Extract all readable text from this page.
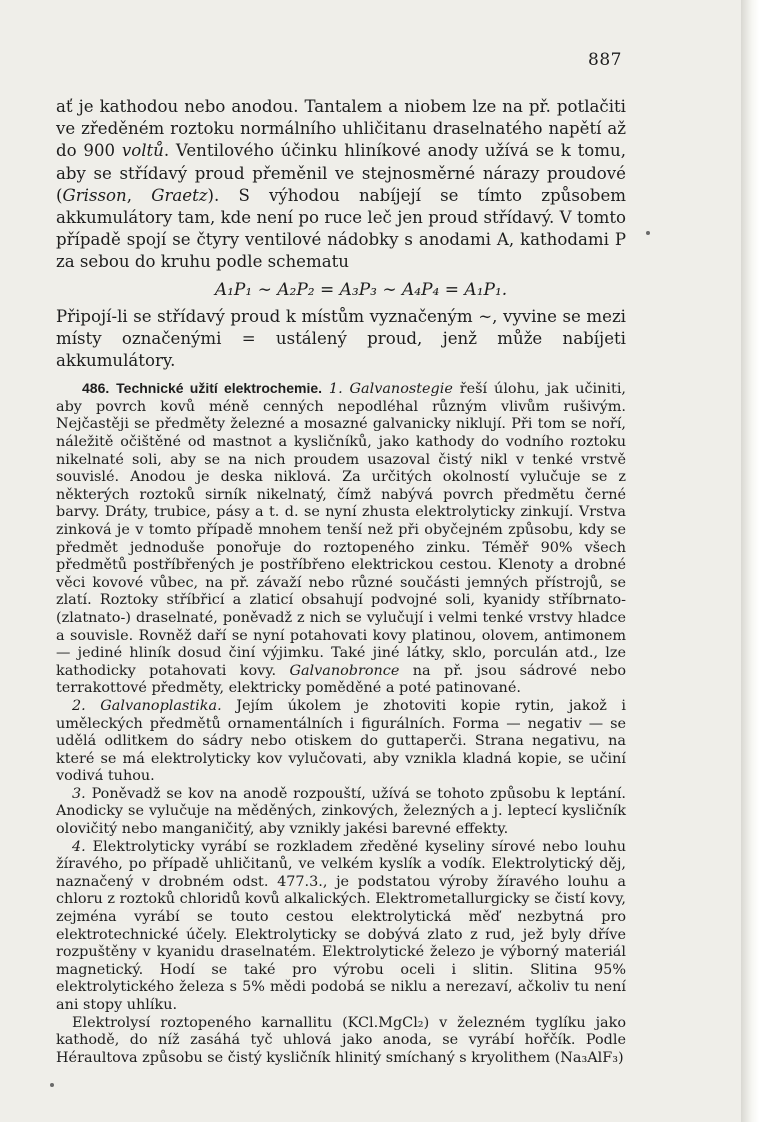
887

ať je kathodou nebo anodou. Tantalem a niobem lze na př. potlačiti ve zředěném roztoku normálního uhličitanu draselnatého napětí až do 900 voltů. Ventilového účinku hliníkové anody užívá se k tomu, aby se střídavý proud přeměnil ve stejnosměrné nárazy proudové (Grisson, Graetz). S výhodou nabíjejí se tímto způsobem akkumulátory tam, kde není po ruce leč jen proud střídavý. V tomto případě spojí se čtyry ventilové nádobky s anodami A, kathodami P za sebou do kruhu podle schematu

A₁P₁ ∼ A₂P₂ = A₃P₃ ∼ A₄P₄ = A₁P₁.

Připojí-li se střídavý proud k místům vyznačeným ∼, vyvine se mezi místy označenými = ustálený proud, jenž může nabíjeti akkumulátory.

486. Technické užití elektrochemie. 1. Galvanostegie řeší úlohu, jak učiniti, aby povrch kovů méně cenných nepodléhal různým vlivům rušivým. Nejčastěji se předměty železné a mosazné galvanicky niklují. Při tom se noří, náležitě očištěné od mastnot a kysličníků, jako kathody do vodního roztoku nikelnaté soli, aby se na nich proudem usazoval čistý nikl v tenké vrstvě souvislé. Anodou je deska niklová. Za určitých okolností vylučuje se z některých roztoků sirník nikelnatý, čímž nabývá povrch předmětu černé barvy. Dráty, trubice, pásy a t. d. se nyní zhusta elektrolyticky zinkují. Vrstva zinková je v tomto případě mnohem tenší než při obyčejném způsobu, kdy se předmět jednoduše ponořuje do roztopeného zinku. Téměř 90% všech předmětů postříbřených je postříbřeno elektrickou cestou. Klenoty a drobné věci kovové vůbec, na př. závaží nebo různé součásti jemných přístrojů, se zlatí. Roztoky stříbřicí a zlaticí obsahují podvojné soli, kyanidy stříbrnato- (zlatnato-) draselnaté, poněvadž z nich se vylučují i velmi tenké vrstvy hladce a souvisle. Rovněž daří se nyní potahovati kovy platinou, olovem, antimonem — jediné hliník dosud činí výjimku. Také jiné látky, sklo, porculán atd., lze kathodicky potahovati kovy. Galvanobronce na př. jsou sádrové nebo terrakottové předměty, elektricky poměděné a poté patinované.

2. Galvanoplastika. Jejím úkolem je zhotoviti kopie rytin, jakož i uměleckých předmětů ornamentálních i figurálních. Forma — negativ — se udělá odlitkem do sádry nebo otiskem do guttaperči. Strana negativu, na které se má elektrolyticky kov vylučovati, aby vznikla kladná kopie, se učiní vodivá tuhou.

3. Poněvadž se kov na anodě rozpouští, užívá se tohoto způsobu k leptání. Anodicky se vylučuje na měděných, zinkových, železných a j. leptecí kysličník olovičitý nebo manganičitý, aby vznikly jakési barevné effekty.

4. Elektrolyticky vyrábí se rozkladem zředěné kyseliny sírové nebo louhu žíravého, po případě uhličitanů, ve velkém kyslík a vodík. Elektrolytický děj, naznačený v drobném odst. 477.3., je podstatou výroby žíravého louhu a chloru z roztoků chloridů kovů alkalických. Elektrometallurgicky se čistí kovy, zejména vyrábí se touto cestou elektrolytická měď nezbytná pro elektrotechnické účely. Elektrolyticky se dobývá zlato z rud, jež byly dříve rozpuštěny v kyanidu draselnatém. Elektrolytické železo je výborný materiál magnetický. Hodí se také pro výrobu oceli i slitin. Slitina 95% elektrolytického železa s 5% mědi podobá se niklu a nerezaví, ačkoliv tu není ani stopy uhlíku.

Elektrolysí roztopeného karnallitu (KCl.MgCl₂) v železném tyglíku jako kathodě, do níž zasáhá tyč uhlová jako anoda, se vyrábí hořčík. Podle Héraultova způsobu se čistý kysličník hlinitý smíchaný s kryolithem (Na₃AlF₃)
